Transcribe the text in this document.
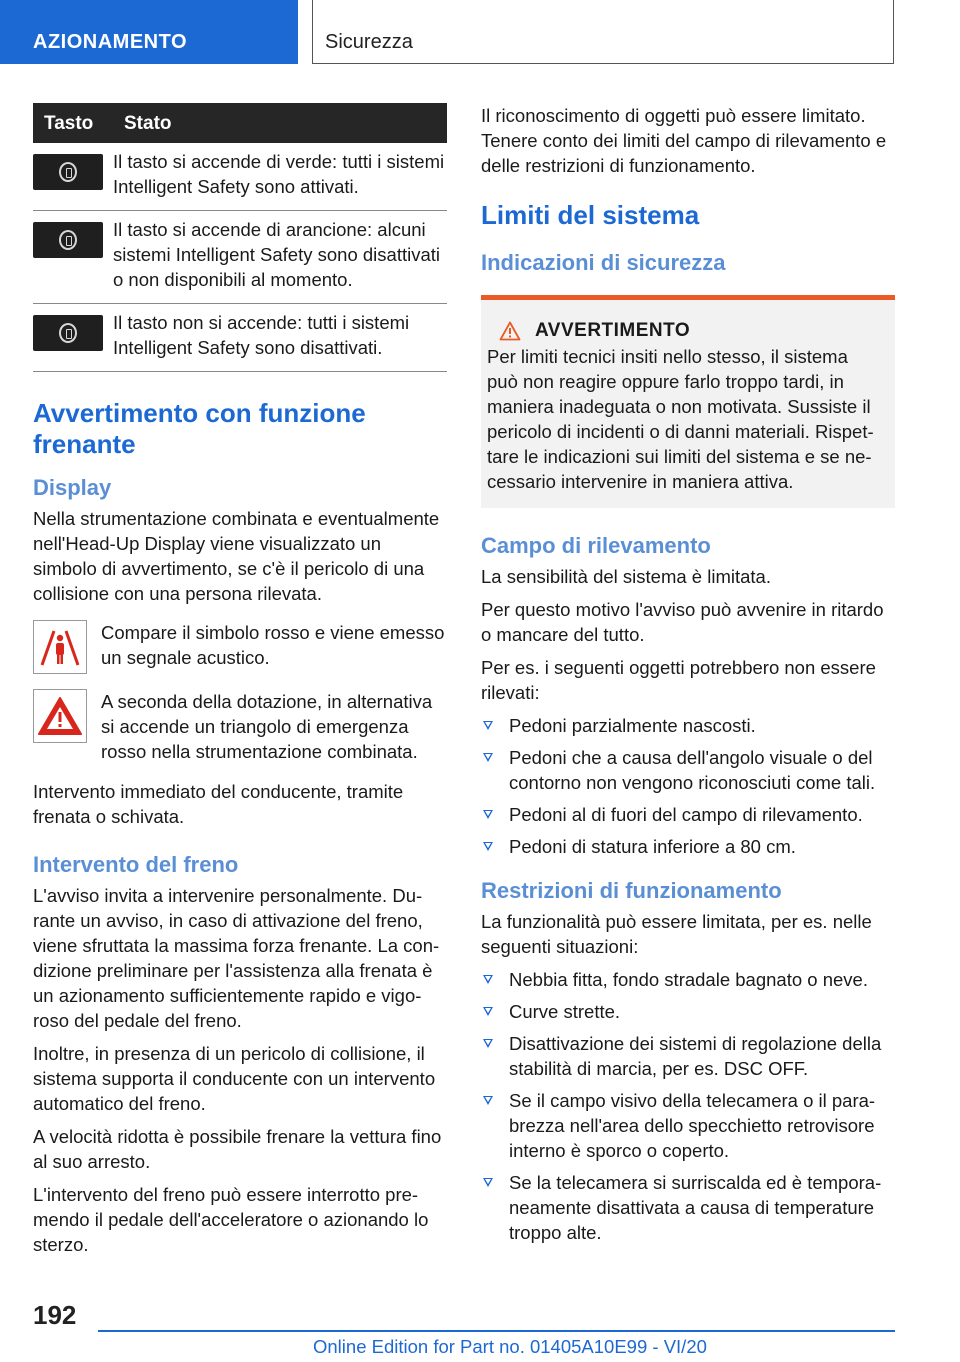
AZIONAMENTO	Sicurezza
Tasto	Stato

	Il tasto si accende di verde: tutti i sistemi Intelligent Safety sono attivati.

	Il tasto si accende di arancione: alcuni sistemi Intelligent Safety sono disattivati o non disponibili al momento.

	Il tasto non si accende: tutti i sistemi Intelligent Safety sono disattivati.
Avvertimento con funzione frenante
Display

Nella strumentazione combinata e eventualmente nell'Head-Up Display viene visualizzato un simbolo di avvertimento, se c'è il pericolo di una collisione con una persona rilevata.

Compare il simbolo rosso e viene emesso un segnale acustico.

A seconda della dotazione, in alternativa si accende un triangolo di emergenza rosso nella strumentazione combinata.

Intervento immediato del conducente, tramite frenata o schivata.

Intervento del freno

L'avviso invita a intervenire personalmente. Durante un avviso, in caso di attivazione del freno, viene sfruttata la massima forza frenante. La condizione preliminare per l'assistenza alla frenata è un azionamento sufficientemente rapido e vigoroso del pedale del freno.

Inoltre, in presenza di un pericolo di collisione, il sistema supporta il conducente con un intervento automatico del freno.

A velocità ridotta è possibile frenare la vettura fino al suo arresto.

L'intervento del freno può essere interrotto premendo il pedale dell'acceleratore o azionando lo sterzo.

Il riconoscimento di oggetti può essere limitato. Tenere conto dei limiti del campo di rilevamento e delle restrizioni di funzionamento.

Limiti del sistema
Indicazioni di sicurezza
AVVERTIMENTO

Per limiti tecnici insiti nello stesso, il sistema può non reagire oppure farlo troppo tardi, in maniera inadeguata o non motivata. Sussiste il pericolo di incidenti o di danni materiali. Rispettare le indicazioni sui limiti del sistema e se necessario intervenire in maniera attiva.

Campo di rilevamento

La sensibilità del sistema è limitata.

Per questo motivo l'avviso può avvenire in ritardo o mancare del tutto.

Per es. i seguenti oggetti potrebbero non essere rilevati:

Pedoni parzialmente nascosti.
Pedoni che a causa dell'angolo visuale o del contorno non vengono riconosciuti come tali.
Pedoni al di fuori del campo di rilevamento.
Pedoni di statura inferiore a 80 cm.
Restrizioni di funzionamento

La funzionalità può essere limitata, per es. nelle seguenti situazioni:

Nebbia fitta, fondo stradale bagnato o neve.
Curve strette.
Disattivazione dei sistemi di regolazione della stabilità di marcia, per es. DSC OFF.
Se il campo visivo della telecamera o il parabrezza nell'area dello specchietto retrovisore interno è sporco o coperto.
Se la telecamera si surriscalda ed è temporaneamente disattivata a causa di temperature troppo alte.
192
Online Edition for Part no. 01405A10E99 - VI/20
